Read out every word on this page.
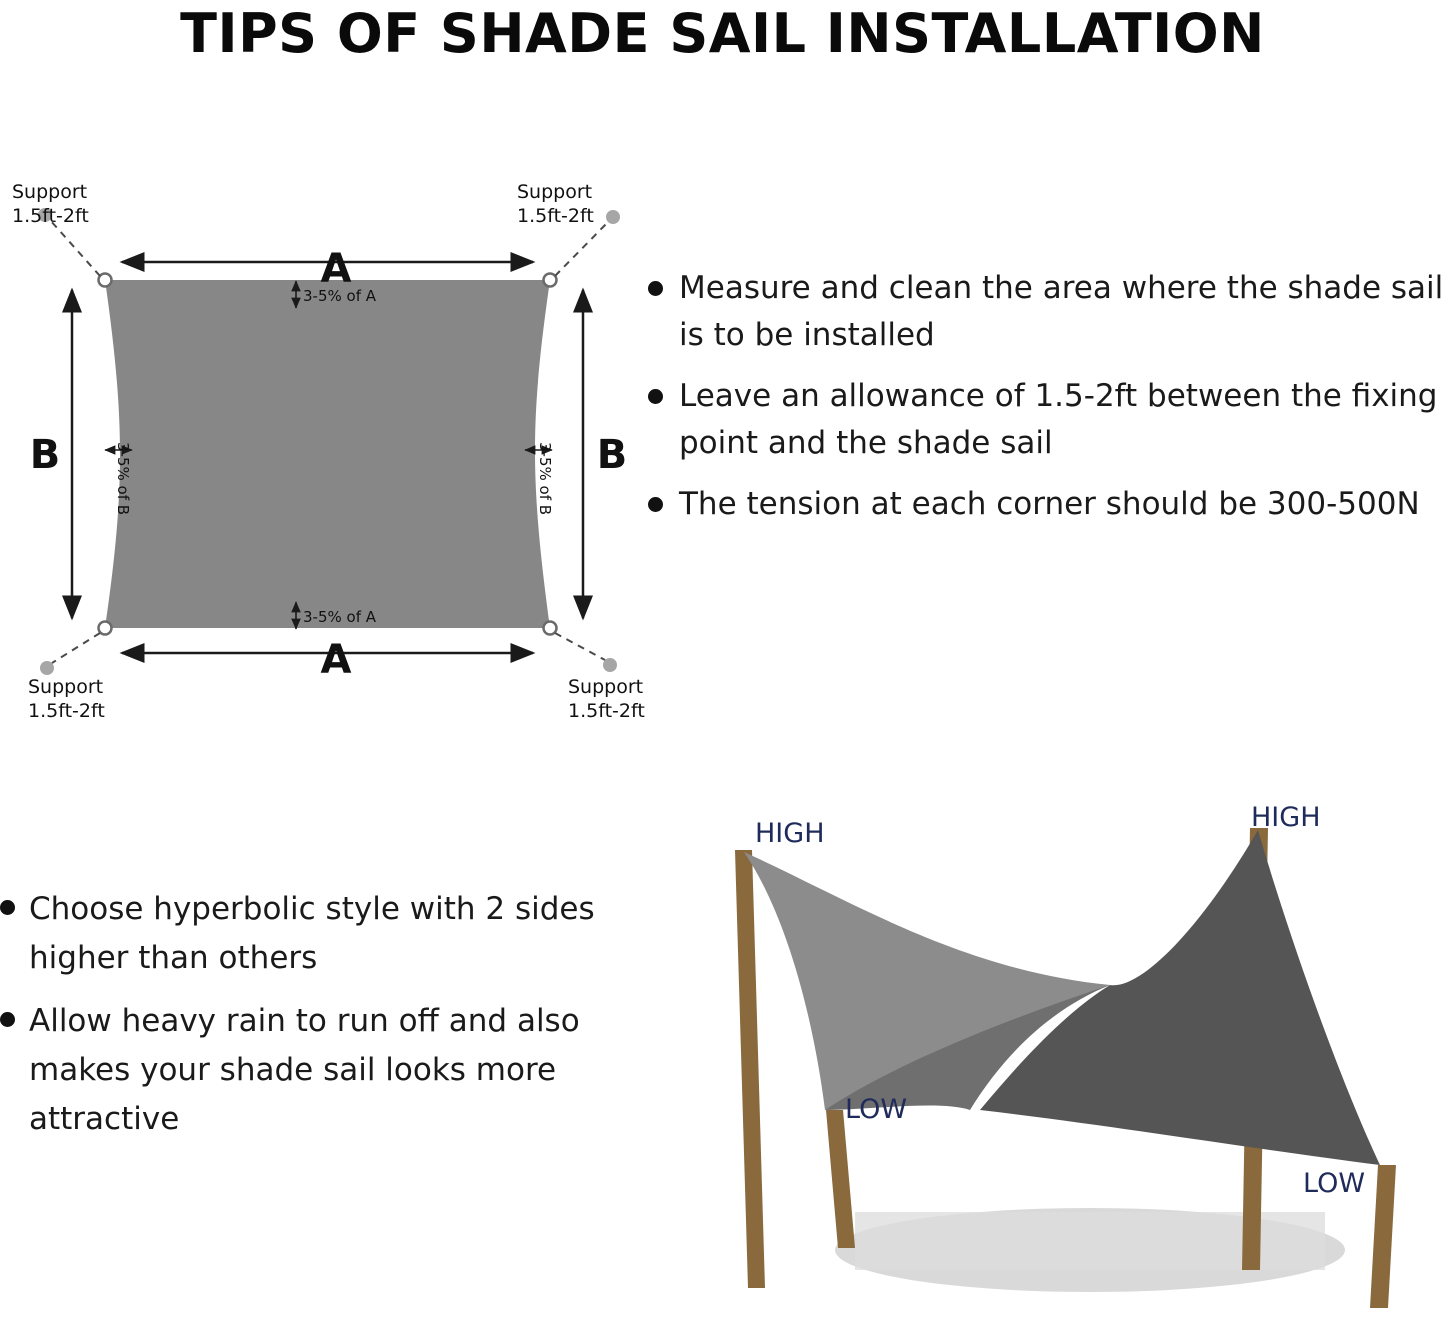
TIPS OF SHADE SAIL INSTALLATION
A
A
B	B
3-5% of A
3-5% of A
3-5% of B	3-5% of B
Support
1.5ft-2ft
Support
1.5ft-2ft
Support
1.5ft-2ft
Support
1.5ft-2ft
Measure and clean the area where the shade sail is to be installed
Leave an allowance of 1.5-2ft between the fixing point and the shade sail
The tension at each corner should be 300-500N
Choose hyperbolic style with 2 sides higher than others
Allow heavy rain to run off and also makes your shade sail looks more attractive
HIGH
HIGH
LOW
LOW
